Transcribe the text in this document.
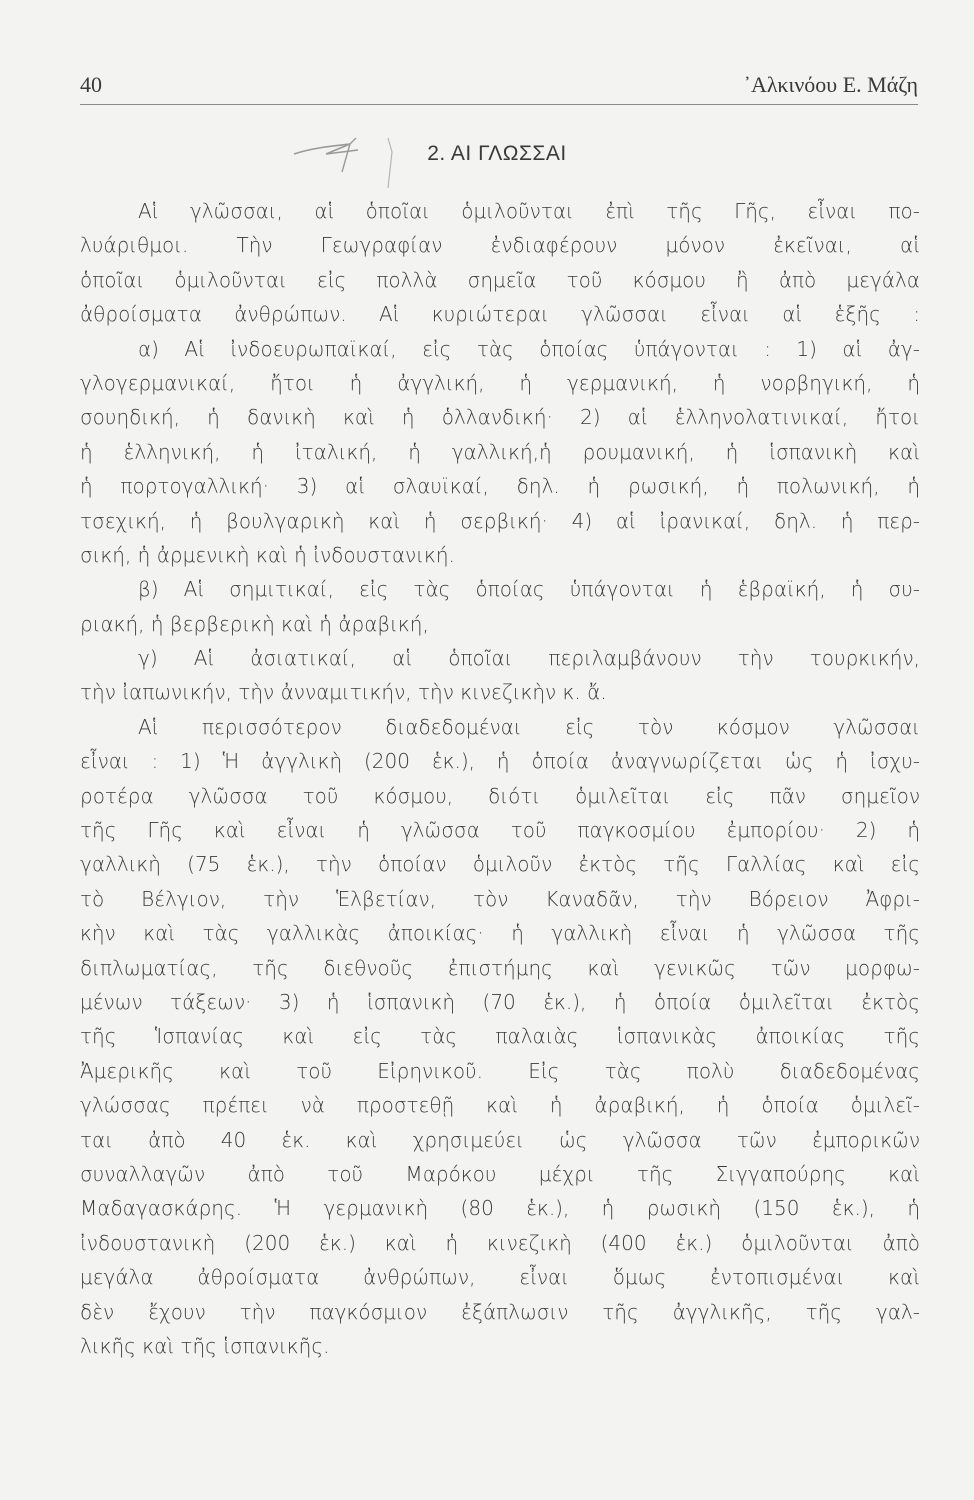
40	᾿Αλκινόου Ε. Μάζη
2. ΑΙ ΓΛΩΣΣΑΙ
Αἱ γλῶσσαι, αἱ ὁποῖαι ὁμιλοῦνται ἐπὶ τῆς Γῆς, εἶναι πο-
λυάριθμοι. Τὴν Γεωγραφίαν ἐνδιαφέρουν μόνον ἐκεῖναι, αἱ
ὁποῖαι ὁμιλοῦνται εἰς πολλὰ σημεῖα τοῦ κόσμου ἢ ἀπὸ μεγάλα
ἀθροίσματα ἀνθρώπων. Αἱ κυριώτεραι γλῶσσαι εἶναι αἱ ἑξῆς :
α) Αἱ ἰνδοευρωπαϊκαί, εἰς τὰς ὁποίας ὑπάγονται : 1) αἱ ἀγ-
γλογερμανικαί, ἤτοι ἡ ἀγγλική, ἡ γερμανική, ἡ νορβηγική, ἡ
σουηδική, ἡ δανικὴ καὶ ἡ ὁλλανδική· 2) αἱ ἑλληνολατινικαί, ἤτοι
ἡ ἑλληνική, ἡ ἰταλική, ἡ γαλλική,ἡ ρουμανική, ἡ ἱσπανικὴ καὶ
ἡ πορτογαλλική· 3) αἱ σλαυϊκαί, δηλ. ἡ ρωσική, ἡ πολωνική, ἡ
τσεχική, ἡ βουλγαρικὴ καὶ ἡ σερβική· 4) αἱ ἰρανικαί, δηλ. ἡ περ-
σική, ἡ ἀρμενικὴ καὶ ἡ ἰνδουστανική.
β) Αἱ σημιτικαί, εἰς τὰς ὁποίας ὑπάγονται ἡ ἑβραϊκή, ἡ συ-
ριακή, ἡ βερβερικὴ καὶ ἡ ἀραβική,
γ) Αἱ ἀσιατικαί, αἱ ὁποῖαι περιλαμβάνουν τὴν τουρκικήν,
τὴν ἰαπωνικήν, τὴν ἀνναμιτικήν, τὴν κινεζικὴν κ. ἄ.
Αἱ περισσότερον διαδεδομέναι εἰς τὸν κόσμον γλῶσσαι
εἶναι : 1) Ἡ ἀγγλικὴ (200 ἑκ.), ἡ ὁποία ἀναγνωρίζεται ὡς ἡ ἰσχυ-
ροτέρα γλῶσσα τοῦ κόσμου, διότι ὁμιλεῖται εἰς πᾶν σημεῖον
τῆς Γῆς καὶ εἶναι ἡ γλῶσσα τοῦ παγκοσμίου ἐμπορίου· 2) ἡ
γαλλικὴ (75 ἑκ.), τὴν ὁποίαν ὁμιλοῦν ἐκτὸς τῆς Γαλλίας καὶ εἰς
τὸ Βέλγιον, τὴν Ἑλβετίαν, τὸν Καναδᾶν, τὴν Βόρειον Ἀφρι-
κὴν καὶ τὰς γαλλικὰς ἀποικίας· ἡ γαλλικὴ εἶναι ἡ γλῶσσα τῆς
διπλωματίας, τῆς διεθνοῦς ἐπιστήμης καὶ γενικῶς τῶν μορφω-
μένων τάξεων· 3) ἡ ἱσπανικὴ (70 ἑκ.), ἡ ὁποία ὁμιλεῖται ἐκτὸς
τῆς Ἱσπανίας καὶ εἰς τὰς παλαιὰς ἱσπανικὰς ἀποικίας τῆς
Ἀμερικῆς καὶ τοῦ Εἰρηνικοῦ. Εἰς τὰς πολὺ διαδεδομένας
γλώσσας πρέπει νὰ προστεθῇ καὶ ἡ ἀραβική, ἡ ὁποία ὁμιλεῖ-
ται ἀπὸ 40 ἑκ. καὶ χρησιμεύει ὡς γλῶσσα τῶν ἐμπορικῶν
συναλλαγῶν ἀπὸ τοῦ Μαρόκου μέχρι τῆς Σιγγαπούρης καὶ
Μαδαγασκάρης. Ἡ γερμανικὴ (80 ἑκ.), ἡ ρωσικὴ (150 ἑκ.), ἡ
ἰνδουστανικὴ (200 ἑκ.) καὶ ἡ κινεζικὴ (400 ἑκ.) ὁμιλοῦνται ἀπὸ
μεγάλα ἀθροίσματα ἀνθρώπων, εἶναι ὅμως ἐντοπισμέναι καὶ
δὲν ἔχουν τὴν παγκόσμιον ἐξάπλωσιν τῆς ἀγγλικῆς, τῆς γαλ-
λικῆς καὶ τῆς ἱσπανικῆς.
